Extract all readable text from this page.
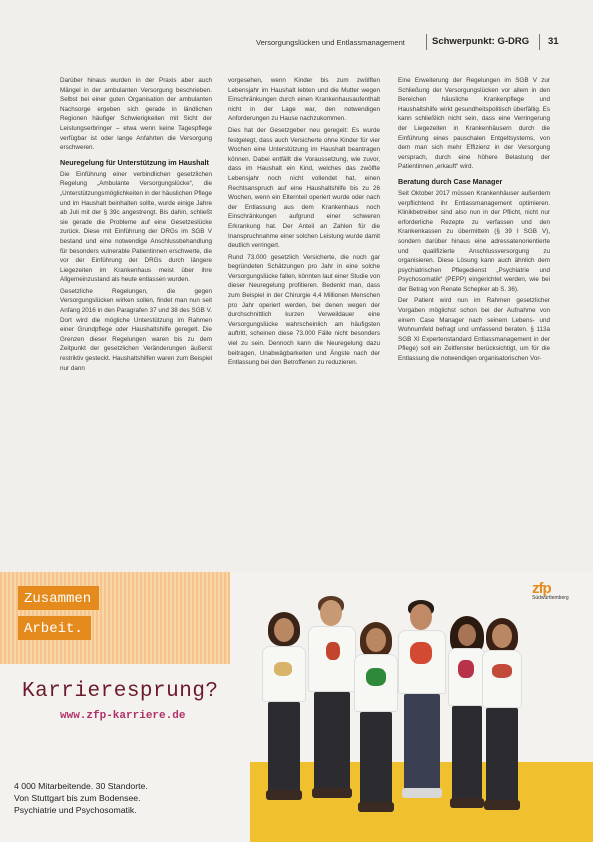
Versorgungslücken und Entlassmanagement	Schwerpunkt: G-DRG 31

Darüber hinaus wurden in der Praxis aber auch Mängel in der ambulanten Versorgung beschrieben. Selbst bei einer guten Organisation der ambulanten Nachsorge ergeben sich gerade in ländlichen Regionen häufiger Schwierigkeiten mit Sicht der Leistungserbringer – etwa wenn keine Tagespflege verfügbar ist oder lange Anfahrten die Versorgung erschweren.

Neuregelung für Unterstützung im Haushalt

Die Einführung einer verbindlichen gesetzlichen Regelung „Ambulante Versorgungslücke“, die „Unterstützungsmöglichkeiten in der häuslichen Pflege und im Haushalt beinhalten sollte, wurde einige Jahre ab Juli mit der § 39c angestrengt. Bis dahin, schließt sie gerade die Probleme auf eine Gesetzeslücke zurück. Diese mit Einführung der DRGs im SGB V bestand und eine notwendige Anschlussbehandlung für besonders vulnerable Patientinnen erschwerte, die vor der Einführung der DRGs durch längere Liegezeiten im Krankenhaus meist über ihre Allgemeinzustand als heute entlassen wurden.

Gesetzliche Regelungen, die gegen Versorgungslücken wirken sollen, findet man nun seit Anfang 2016 in den Paragrafen 37 und 38 des SGB V. Dort wird die mögliche Unterstützung im Rahmen einer Grundpflege oder Haushaltshilfe geregelt. Die Grenzen dieser Regelungen waren bis zu dem Zeitpunkt der gesetzlichen Veränderungen äußerst restriktiv gesteckt. Haushaltshilfen waren zum Beispiel nur dann

vorgesehen, wenn Kinder bis zum zwölften Lebensjahr im Haushalt lebten und die Mutter wegen Einschränkungen durch einen Krankenhausaufenthalt nicht in der Lage war, den notwendigen Anforderungen zu Hause nachzukommen.

Dies hat der Gesetzgeber neu geregelt: Es wurde festgelegt, dass auch Versicherte ohne Kinder für vier Wochen eine Unterstützung im Haushalt beantragen können. Dabei entfällt die Voraussetzung, wie zuvor, dass im Haushalt ein Kind, welches das zwölfte Lebensjahr noch nicht vollendet hat, einen Rechtsanspruch auf eine Haushaltshilfe bis zu 26 Wochen, wenn ein Elternteil operiert wurde oder nach der Entlassung aus dem Krankenhaus noch Einschränkungen aufgrund einer schweren Erkrankung hat. Der Anteil an Zahlen für die Inanspruchnahme einer solchen Leistung wurde damit deutlich verringert.

Rund 73.000 gesetzlich Versicherte, die noch gar begründeten Schätzungen pro Jahr in eine solche Versorgungslücke fallen, könnten laut einer Studie von dieser Neuregelung profitieren. Bedenkt man, dass zum Beispiel in der Chirurgie 4,4 Millionen Menschen pro Jahr operiert werden, bei denen wegen der durchschnittlich kurzen Verweildauer eine Versorgungslücke wahrscheinlich am häufigsten auftritt, scheinen diese 73.000 Fälle nicht besonders viel zu sein. Dennoch kann die Neuregelung dazu beitragen, Unabwägbarkeiten und Ängste nach der Entlassung bei den Betroffenen zu reduzieren.

Eine Erweiterung der Regelungen im SGB V zur Schließung der Versorgungslücken vor allem in den Bereichen häusliche Krankenpflege und Haushaltshilfe wirkt gesundheitspolitisch überfällig. Es kann schließlich nicht sein, dass eine Verringerung der Liegezeiten in Krankenhäusern durch die Einführung eines pauschalen Entgeltsystems, von dem man sich mehr Effizienz in der Versorgung versprach, durch eine höhere Belastung der Patientinnen „erkauft“ wird.

Beratung durch Case Manager

Seit Oktober 2017 müssen Krankenhäuser außerdem verpflichtend ihr Entlassmanagement optimieren. Klinikbetreiber sind also nun in der Pflicht, nicht nur erforderliche Rezepte zu verfassen und den Krankenkassen zu übermitteln (§ 39 I SGB V), sondern darüber hinaus eine adressatenorientierte und qualifizierte Anschlussversorgung zu organisieren. Diese Lösung kann auch ähnlich dem psychiatrischen Pflegedienst „Psychiatrie und Psychosomatik“ (PEPP) eingerichtet werden, wie bei der Betrag von Renate Schepker ab S. 36).

Der Patient wird nun im Rahmen gesetzlicher Vorgaben möglichst schon bei der Aufnahme von einem Case Manager nach seinem Lebens- und Wohnumfeld befragt und umfassend beraten. § 113a SGB XI Expertenstandard Entlassmanagement in der Pflege) soll ein Zeitfenster berücksichtigt, um für die Entlassung die notwendigen organisatorischen Vor-

Zusammen
Arbeit.
Karrieresprung?
www.zfp-karriere.de
4 000 Mitarbeitende. 30 Standorte.
Von Stuttgart bis zum Bodensee.
Psychiatrie und Psychosomatik.
zfp
Südwürttemberg
